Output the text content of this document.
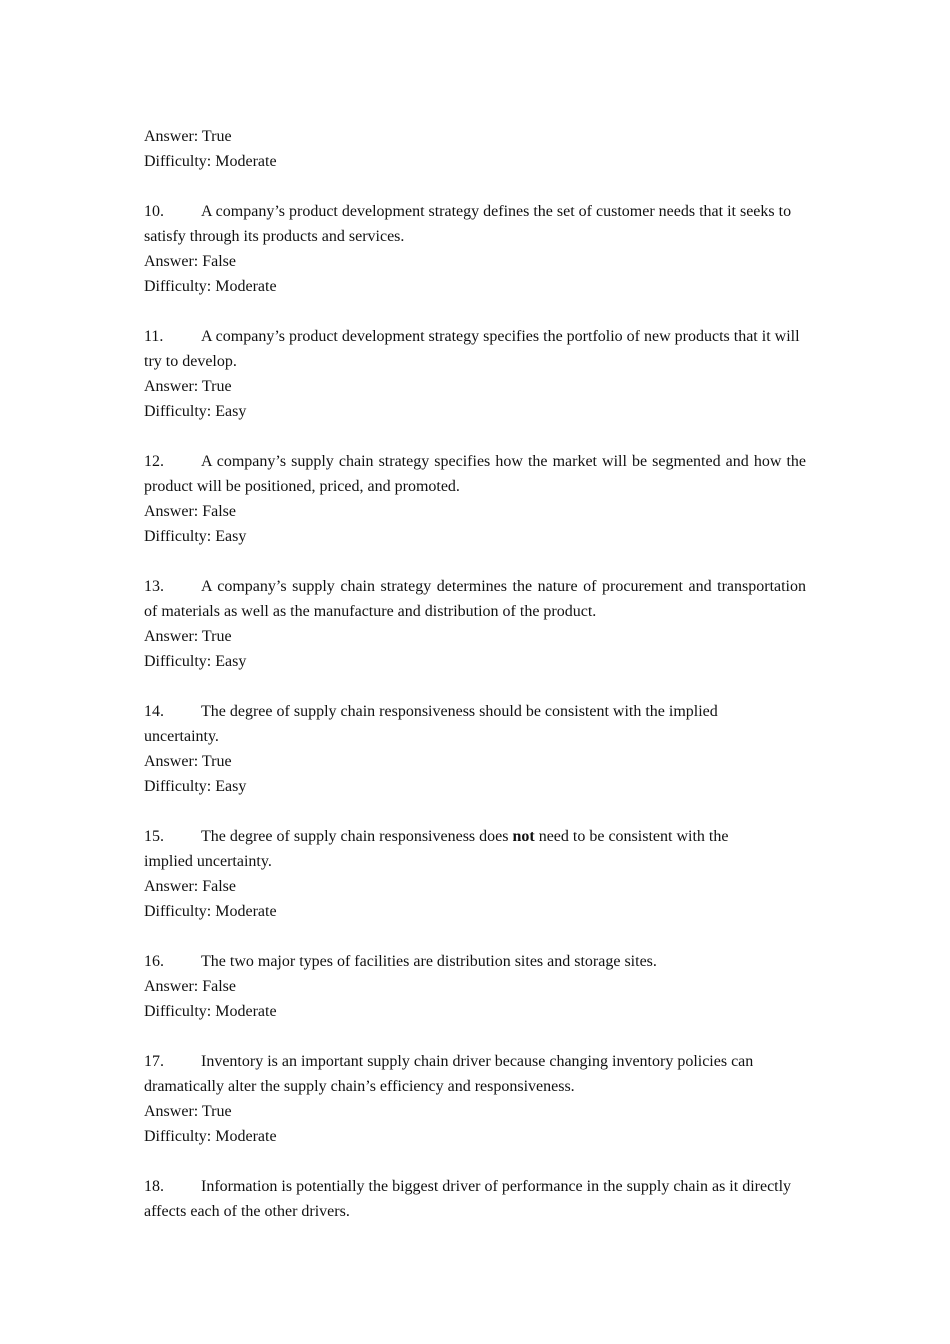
Answer: True
Difficulty: Moderate
10. A company’s product development strategy defines the set of customer needs that it seeks to satisfy through its products and services.
Answer: False
Difficulty: Moderate
11. A company’s product development strategy specifies the portfolio of new products that it will try to develop.
Answer: True
Difficulty: Easy
12. A company’s supply chain strategy specifies how the market will be segmented and how the product will be positioned, priced, and promoted.
Answer: False
Difficulty: Easy
13. A company’s supply chain strategy determines the nature of procurement and transportation of materials as well as the manufacture and distribution of the product.
Answer: True
Difficulty: Easy
14. The degree of supply chain responsiveness should be consistent with the implied uncertainty.
Answer: True
Difficulty: Easy
15. The degree of supply chain responsiveness does not need to be consistent with the implied uncertainty.
Answer: False
Difficulty: Moderate
16. The two major types of facilities are distribution sites and storage sites.
Answer: False
Difficulty: Moderate
17. Inventory is an important supply chain driver because changing inventory policies can dramatically alter the supply chain’s efficiency and responsiveness.
Answer: True
Difficulty: Moderate
18. Information is potentially the biggest driver of performance in the supply chain as it directly affects each of the other drivers.
